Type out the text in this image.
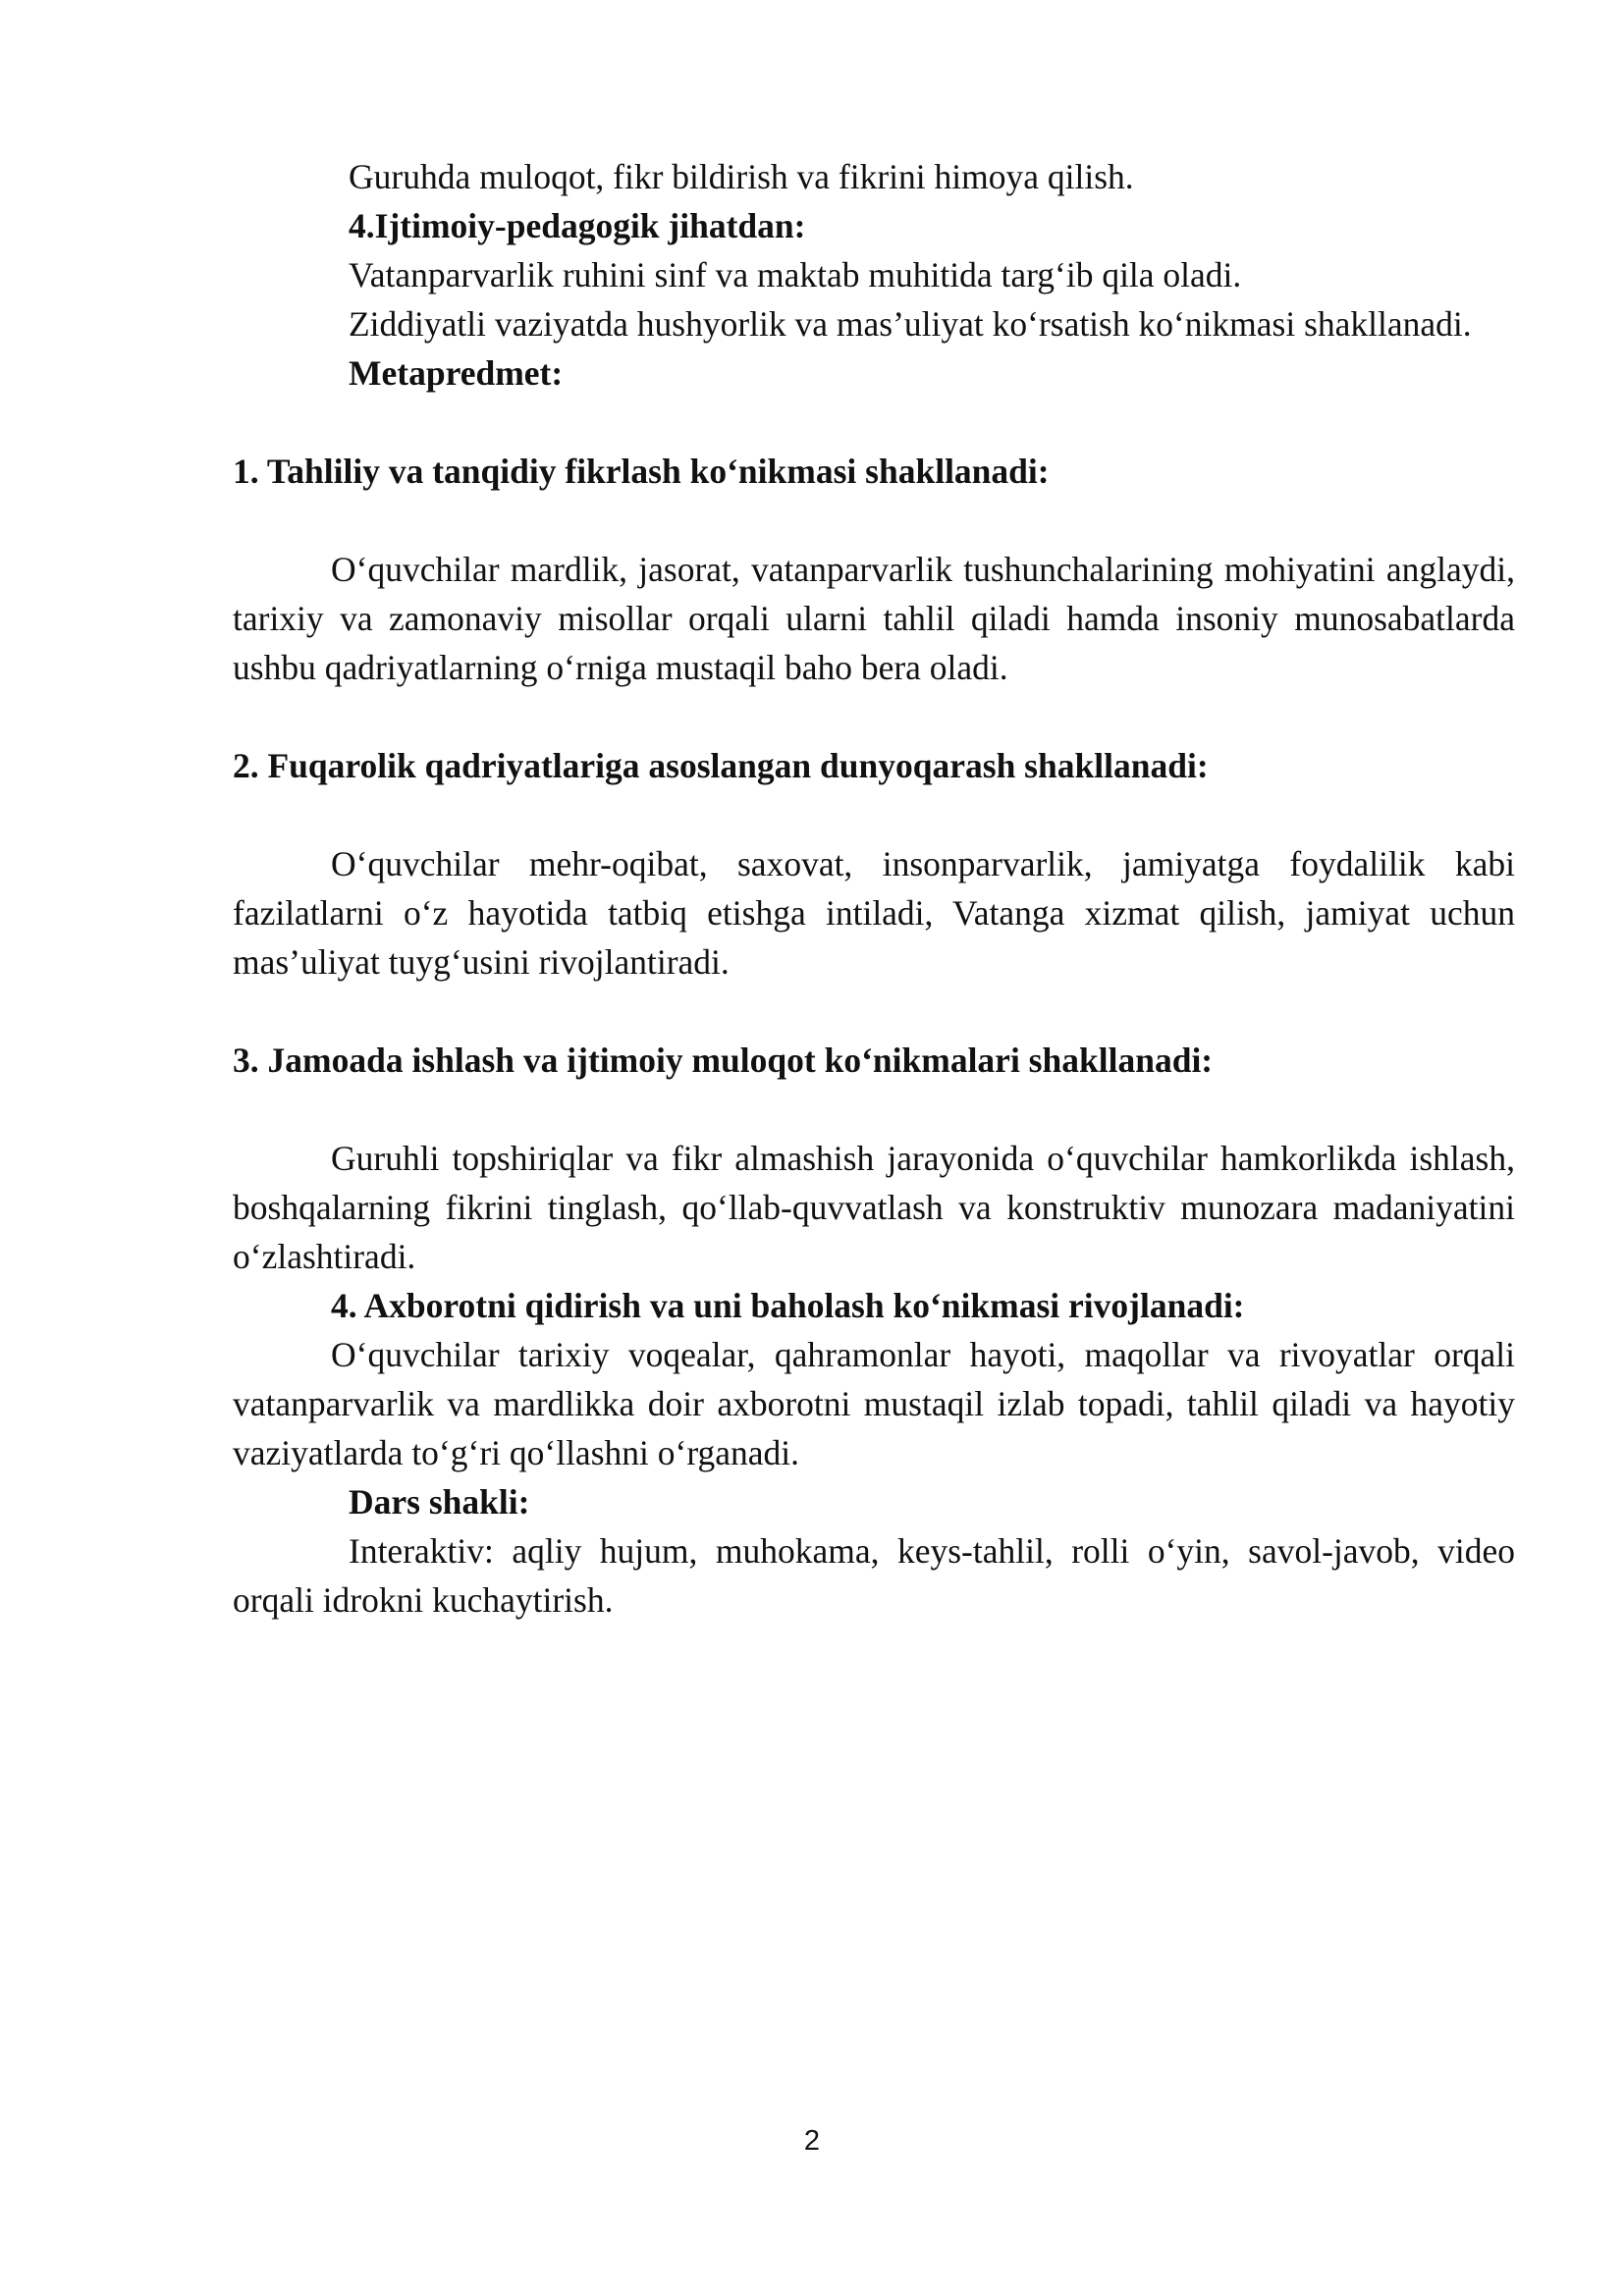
Guruhda muloqot, fikr bildirish va fikrini himoya qilish.

4.Ijtimoiy-pedagogik jihatdan:

Vatanparvarlik ruhini sinf va maktab muhitida targ‘ib qila oladi.

Ziddiyatli vaziyatda hushyorlik va mas’uliyat ko‘rsatish ko‘nikmasi shakllanadi.

Metapredmet:

1. Tahliliy va tanqidiy fikrlash ko‘nikmasi shakllanadi:

O‘quvchilar mardlik, jasorat, vatanparvarlik tushunchalarining mohiyatini anglaydi, tarixiy va zamonaviy misollar orqali ularni tahlil qiladi hamda insoniy munosabatlarda ushbu qadriyatlarning o‘rniga mustaqil baho bera oladi.

2. Fuqarolik qadriyatlariga asoslangan dunyoqarash shakllanadi:

O‘quvchilar mehr-oqibat, saxovat, insonparvarlik, jamiyatga foydalilik kabi fazilatlarni o‘z hayotida tatbiq etishga intiladi, Vatanga xizmat qilish, jamiyat uchun mas’uliyat tuyg‘usini rivojlantiradi.

3. Jamoada ishlash va ijtimoiy muloqot ko‘nikmalari shakllanadi:

Guruhli topshiriqlar va fikr almashish jarayonida o‘quvchilar hamkorlikda ishlash, boshqalarning fikrini tinglash, qo‘llab-quvvatlash va konstruktiv munozara madaniyatini o‘zlashtiradi.

4. Axborotni qidirish va uni baholash ko‘nikmasi rivojlanadi:

O‘quvchilar tarixiy voqealar, qahramonlar hayoti, maqollar va rivoyatlar orqali vatanparvarlik va mardlikka doir axborotni mustaqil izlab topadi, tahlil qiladi va hayotiy vaziyatlarda to‘g‘ri qo‘llashni o‘rganadi.

Dars shakli:

Interaktiv: aqliy hujum, muhokama, keys-tahlil, rolli o‘yin, savol-javob, video orqali idrokni kuchaytirish.

2
